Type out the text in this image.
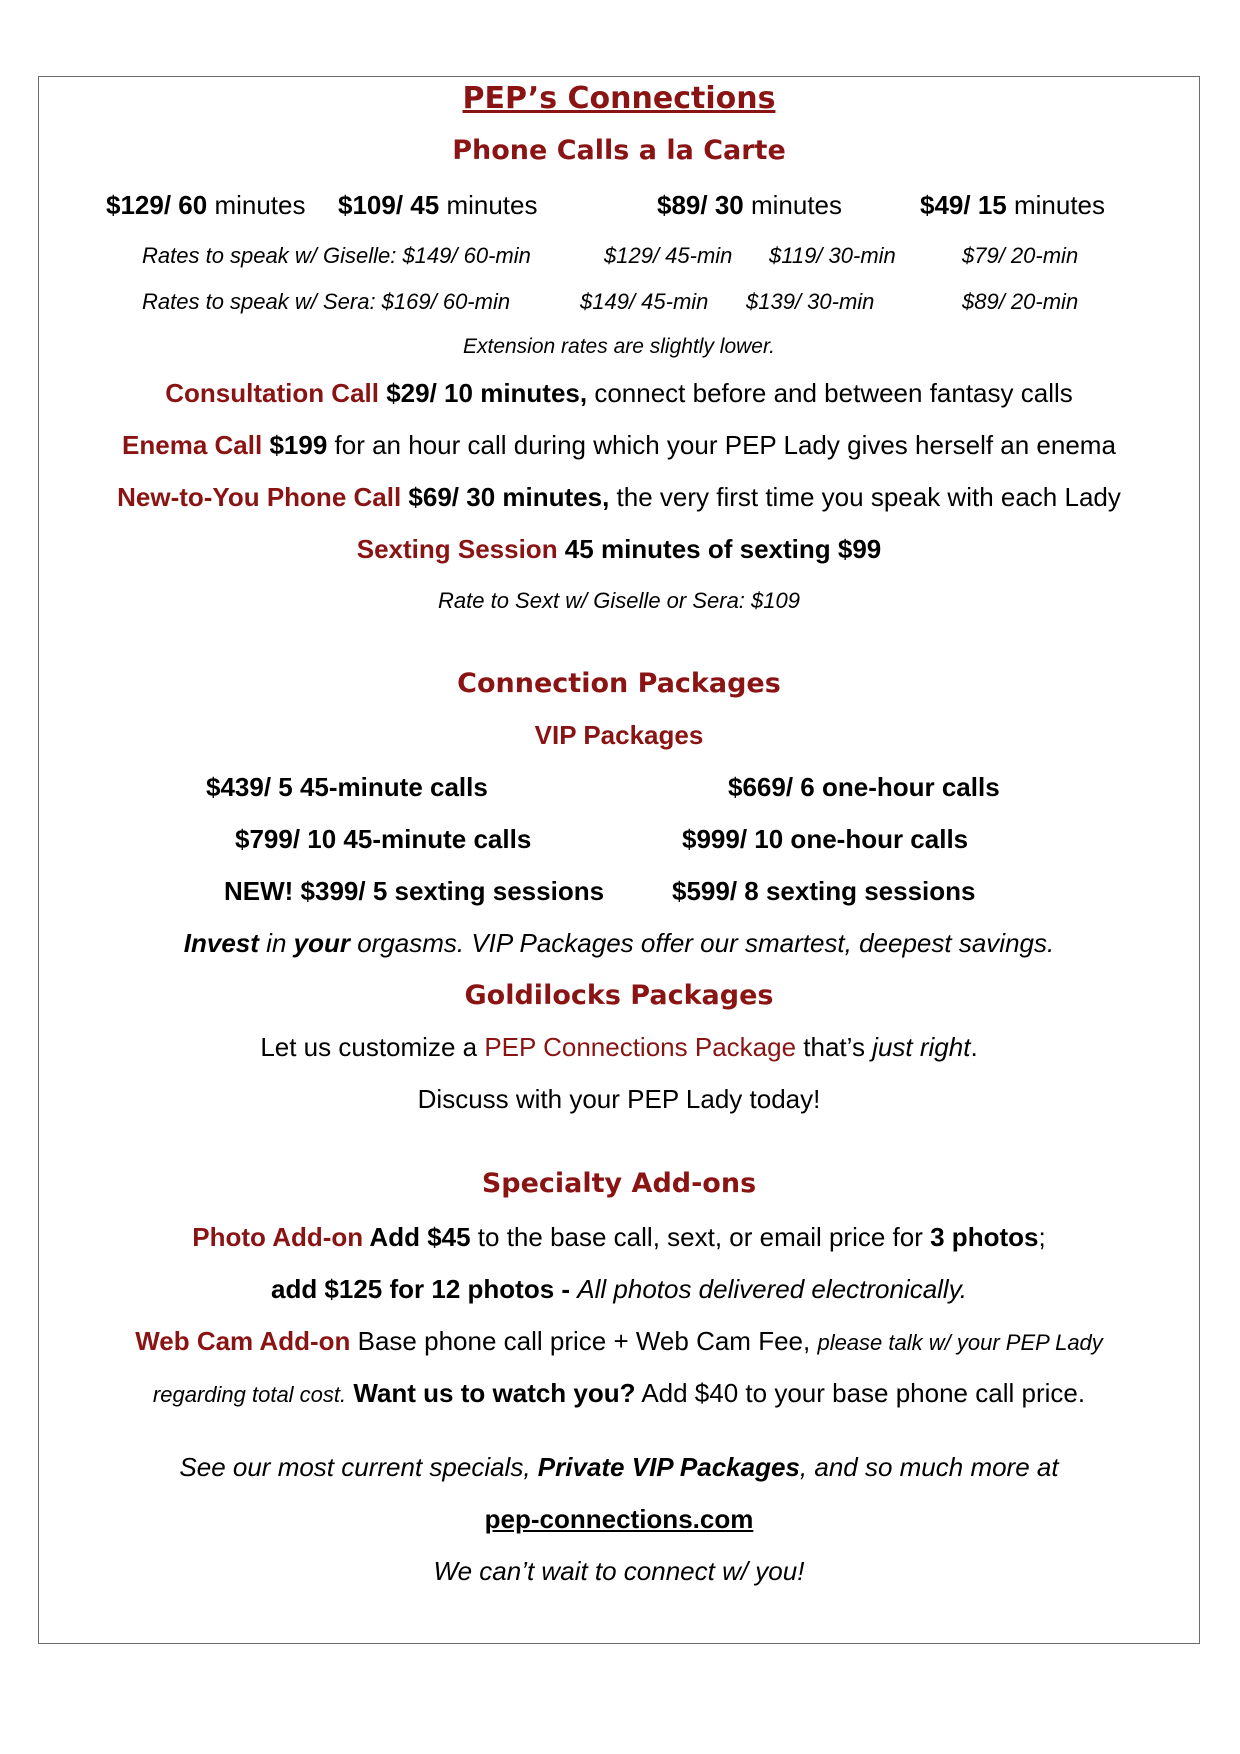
PEP’s Connections
Phone Calls a la Carte
$129/ 60 minutes $109/ 45 minutes	$89/ 30 minutes	$49/ 15 minutes
Rates to speak w/ Giselle: $149/ 60-min	$129/ 45-min $119/ 30-min	$79/ 20-min
Rates to speak w/ Sera: $169/ 60-min	$149/ 45-min $139/ 30-min	$89/ 20-min
Extension rates are slightly lower.
Consultation Call $29/ 10 minutes, connect before and between fantasy calls
Enema Call $199 for an hour call during which your PEP Lady gives herself an enema
New-to-You Phone Call $69/ 30 minutes, the very first time you speak with each Lady
Sexting Session 45 minutes of sexting $99
Rate to Sext w/ Giselle or Sera: $109
Connection Packages
VIP Packages
$439/ 5 45-minute calls	$669/ 6 one-hour calls
$799/ 10 45-minute calls	$999/ 10 one-hour calls
NEW! $399/ 5 sexting sessions	$599/ 8 sexting sessions
Invest in your orgasms. VIP Packages offer our smartest, deepest savings.
Goldilocks Packages
Let us customize a PEP Connections Package that’s just right.
Discuss with your PEP Lady today!
Specialty Add-ons
Photo Add-on Add $45 to the base call, sext, or email price for 3 photos;
add $125 for 12 photos - All photos delivered electronically.
Web Cam Add-on Base phone call price + Web Cam Fee, please talk w/ your PEP Lady
regarding total cost. Want us to watch you? Add $40 to your base phone call price.
See our most current specials, Private VIP Packages, and so much more at
pep-connections.com
We can’t wait to connect w/ you!
